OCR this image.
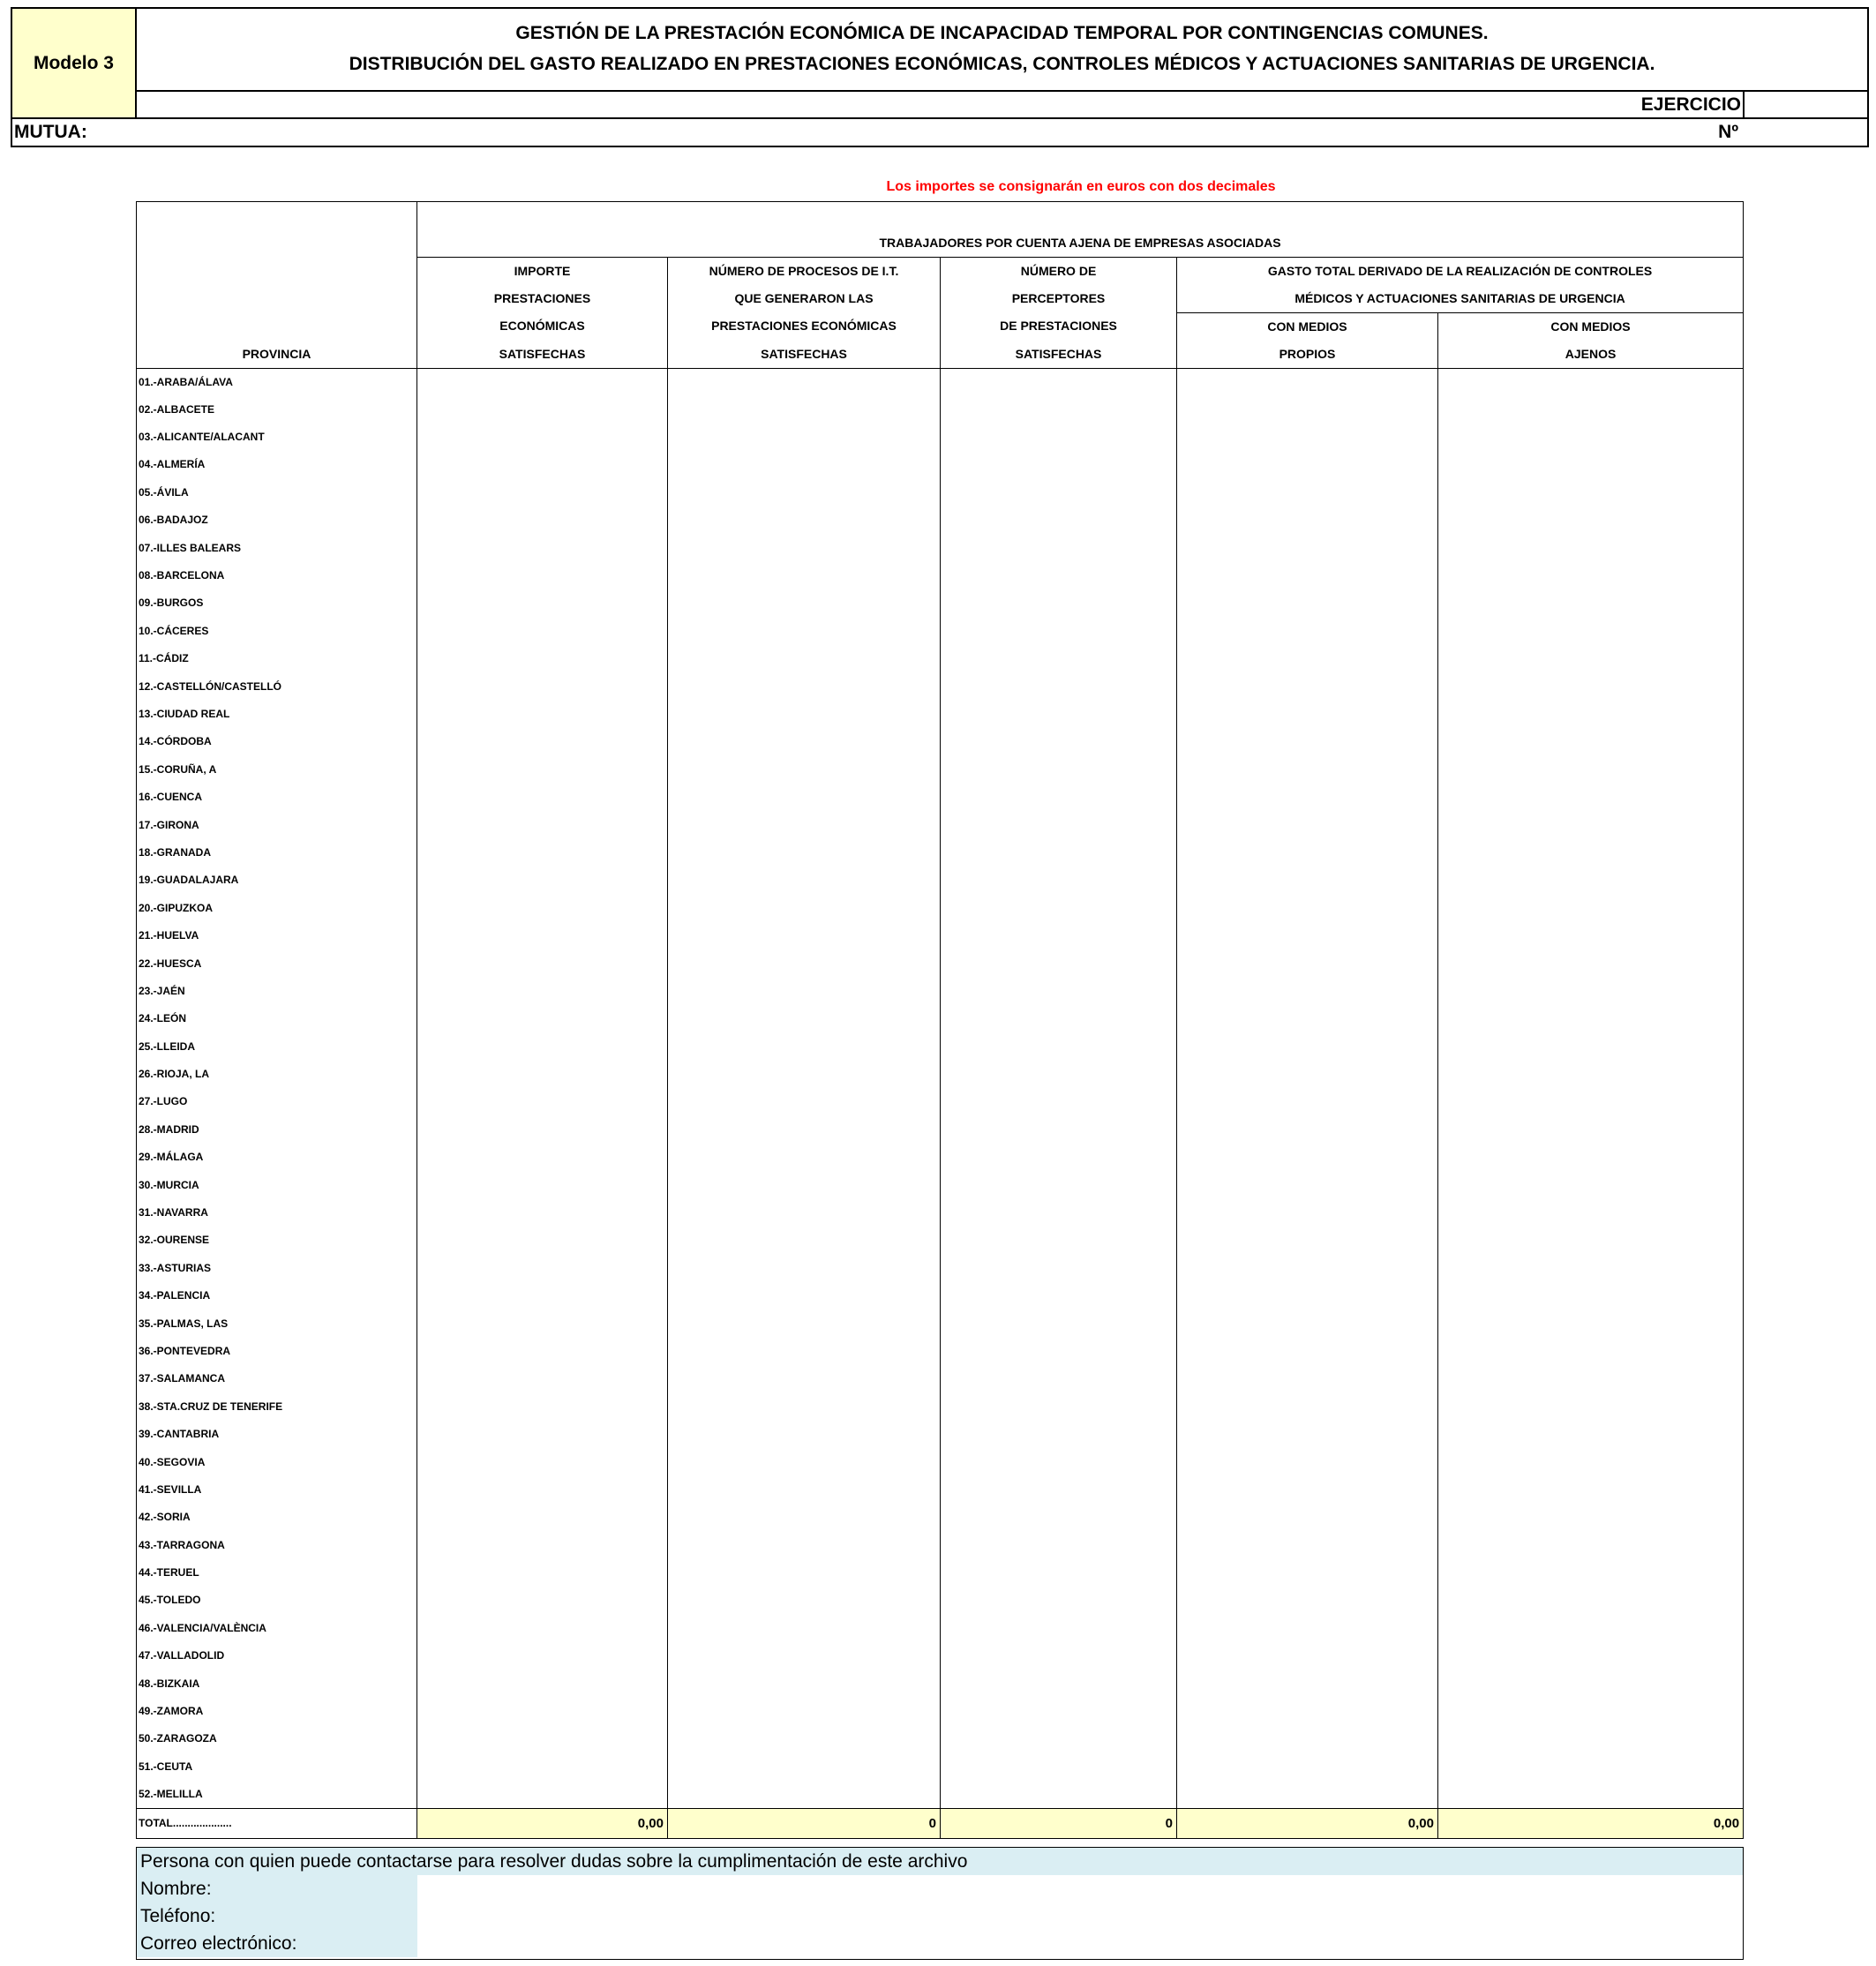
Modelo 3
GESTIÓN DE LA PRESTACIÓN ECONÓMICA DE INCAPACIDAD TEMPORAL POR CONTINGENCIAS COMUNES.
DISTRIBUCIÓN DEL GASTO REALIZADO EN PRESTACIONES ECONÓMICAS, CONTROLES MÉDICOS Y ACTUACIONES SANITARIAS DE URGENCIA.
EJERCICIO
MUTUA:	Nº
Los importes se consignarán en euros con dos decimales

	TRABAJADORES POR CUENTA AJENA DE EMPRESAS ASOCIADAS				
	IMPORTE	NÚMERO DE PROCESOS DE I.T.	NÚMERO DE	GASTO TOTAL DERIVADO DE LA REALIZACIÓN DE CONTROLES	
	PRESTACIONES	QUE GENERARON LAS	PERCEPTORES	MÉDICOS Y ACTUACIONES SANITARIAS DE URGENCIA	
	ECONÓMICAS	PRESTACIONES ECONÓMICAS	DE PRESTACIONES	CON MEDIOS	CON MEDIOS
PROVINCIA	SATISFECHAS	SATISFECHAS	SATISFECHAS	PROPIOS	AJENOS
01.-ARABA/ÁLAVA					
02.-ALBACETE					
03.-ALICANTE/ALACANT					
04.-ALMERÍA					
05.-ÁVILA					
06.-BADAJOZ					
07.-ILLES BALEARS					
08.-BARCELONA					
09.-BURGOS					
10.-CÁCERES					
11.-CÁDIZ					
12.-CASTELLÓN/CASTELLÓ					
13.-CIUDAD REAL					
14.-CÓRDOBA					
15.-CORUÑA, A					
16.-CUENCA					
17.-GIRONA					
18.-GRANADA					
19.-GUADALAJARA					
20.-GIPUZKOA					
21.-HUELVA					
22.-HUESCA					
23.-JAÉN					
24.-LEÓN					
25.-LLEIDA					
26.-RIOJA, LA					
27.-LUGO					
28.-MADRID					
29.-MÁLAGA					
30.-MURCIA					
31.-NAVARRA					
32.-OURENSE					
33.-ASTURIAS					
34.-PALENCIA					
35.-PALMAS, LAS					
36.-PONTEVEDRA					
37.-SALAMANCA					
38.-STA.CRUZ DE TENERIFE					
39.-CANTABRIA					
40.-SEGOVIA					
41.-SEVILLA					
42.-SORIA					
43.-TARRAGONA					
44.-TERUEL					
45.-TOLEDO					
46.-VALENCIA/VALÈNCIA					
47.-VALLADOLID					
48.-BIZKAIA					
49.-ZAMORA					
50.-ZARAGOZA					
51.-CEUTA					
52.-MELILLA					
TOTAL....................	0,00	0	0	0,00	0,00
Persona con quien puede contactarse para resolver dudas sobre la cumplimentación de este archivo
Nombre:
Teléfono:
Correo electrónico:
